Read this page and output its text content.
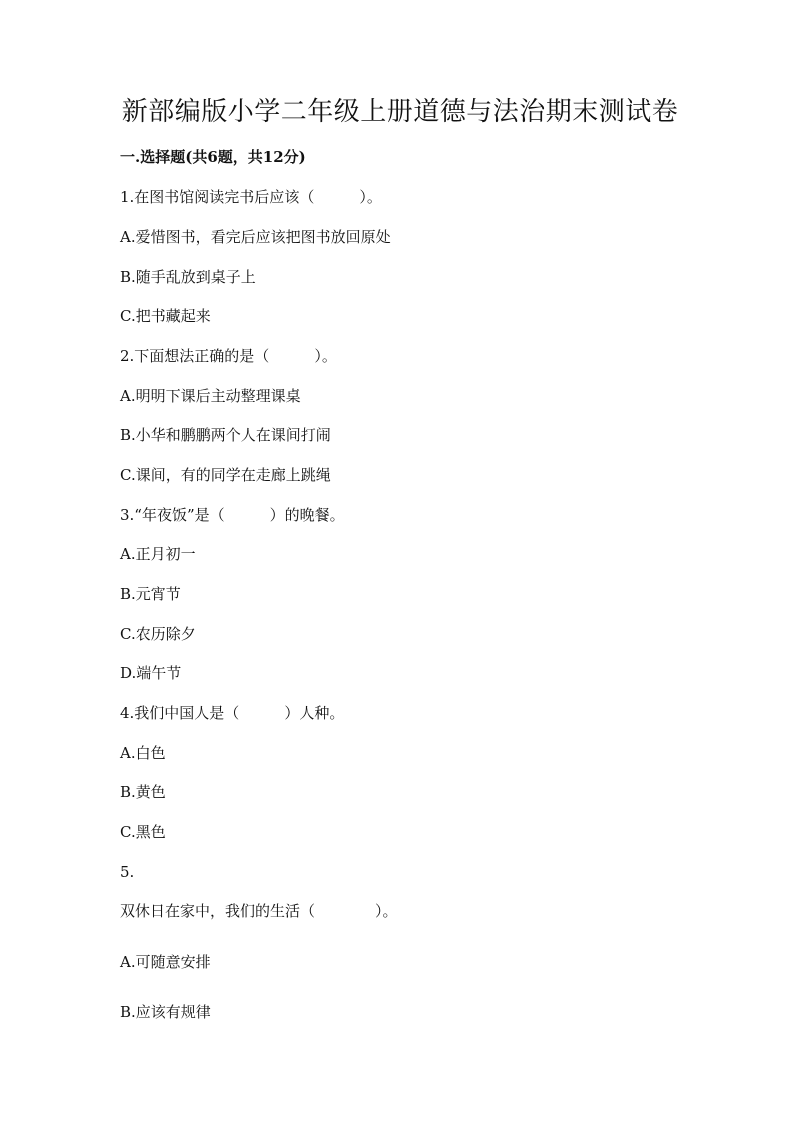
新部编版小学二年级上册道德与法治期末测试卷
一.选择题(共6题，共12分)
1.在图书馆阅读完书后应该（　　　）。
A.爱惜图书，看完后应该把图书放回原处
B.随手乱放到桌子上
C.把书藏起来
2.下面想法正确的是（　　　）。
A.明明下课后主动整理课桌
B.小华和鹏鹏两个人在课间打闹
C.课间，有的同学在走廊上跳绳
3.“年夜饭”是（　　　）的晚餐。
A.正月初一
B.元宵节
C.农历除夕
D.端午节
4.我们中国人是（　　　）人种。
A.白色
B.黄色
C.黑色
5.
双休日在家中，我们的生活（　　　　）。
A.可随意安排
B.应该有规律
